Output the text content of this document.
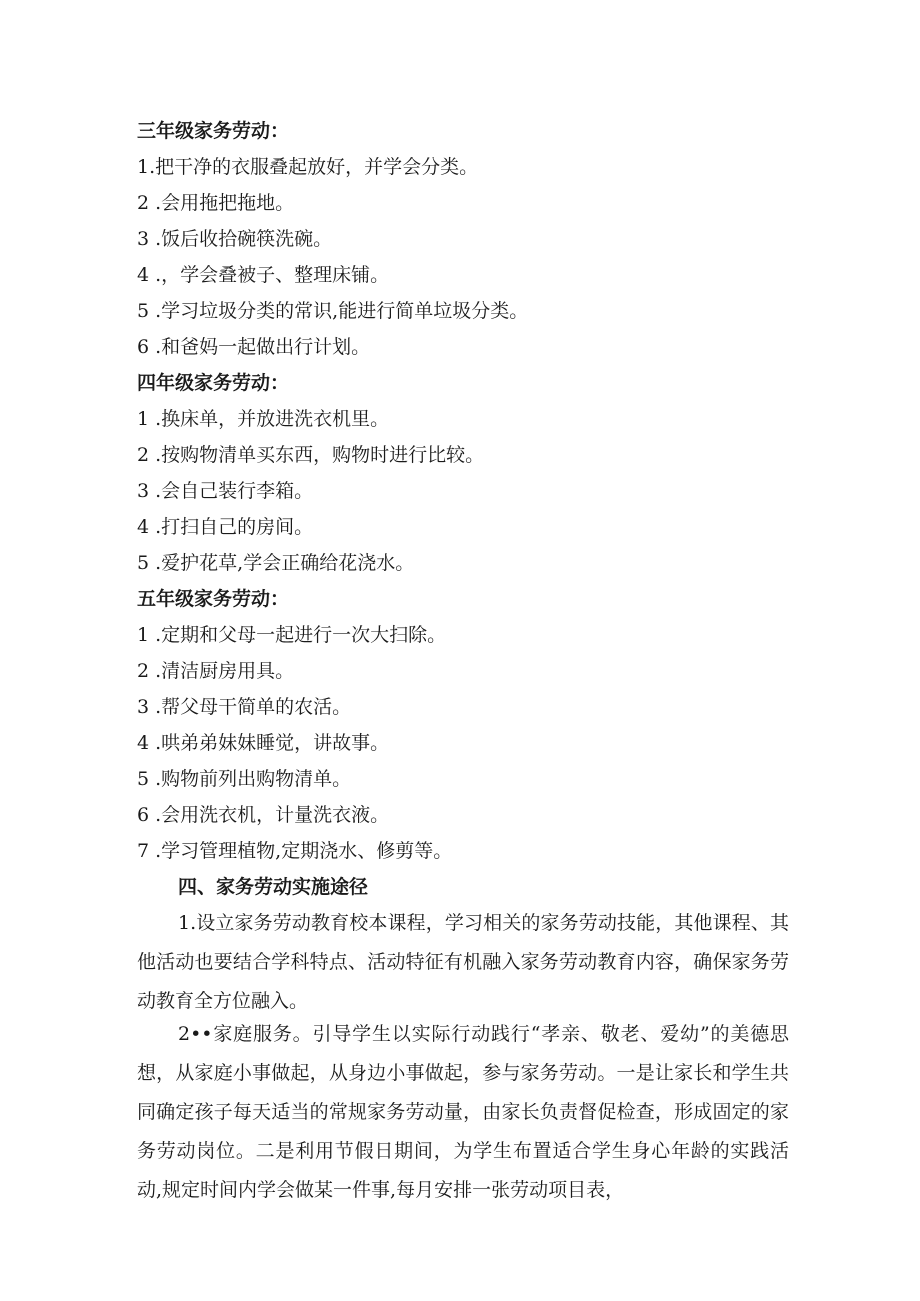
三年级家务劳动：
1.把干净的衣服叠起放好，并学会分类。
2 .会用拖把拖地。
3 .饭后收拾碗筷洗碗。
4 .，学会叠被子、整理床铺。
5 .学习垃圾分类的常识,能进行简单垃圾分类。
6 .和爸妈一起做出行计划。
四年级家务劳动：
1 .换床单，并放进洗衣机里。
2 .按购物清单买东西，购物时进行比较。
3 .会自己装行李箱。
4 .打扫自己的房间。
5 .爱护花草,学会正确给花浇水。
五年级家务劳动：
1 .定期和父母一起进行一次大扫除。
2 .清洁厨房用具。
3 .帮父母干简单的农活。
4 .哄弟弟妹妹睡觉，讲故事。
5 .购物前列出购物清单。
6 .会用洗衣机，计量洗衣液。
7 .学习管理植物,定期浇水、修剪等。
四、家务劳动实施途径
1.设立家务劳动教育校本课程，学习相关的家务劳动技能，其他课程、其他活动也要结合学科特点、活动特征有机融入家务劳动教育内容，确保家务劳动教育全方位融入。
2••家庭服务。引导学生以实际行动践行“孝亲、敬老、爱幼”的美德思想，从家庭小事做起，从身边小事做起，参与家务劳动。一是让家长和学生共同确定孩子每天适当的常规家务劳动量，由家长负责督促检查，形成固定的家务劳动岗位。二是利用节假日期间，为学生布置适合学生身心年龄的实践活动,规定时间内学会做某一件事,每月安排一张劳动项目表，
